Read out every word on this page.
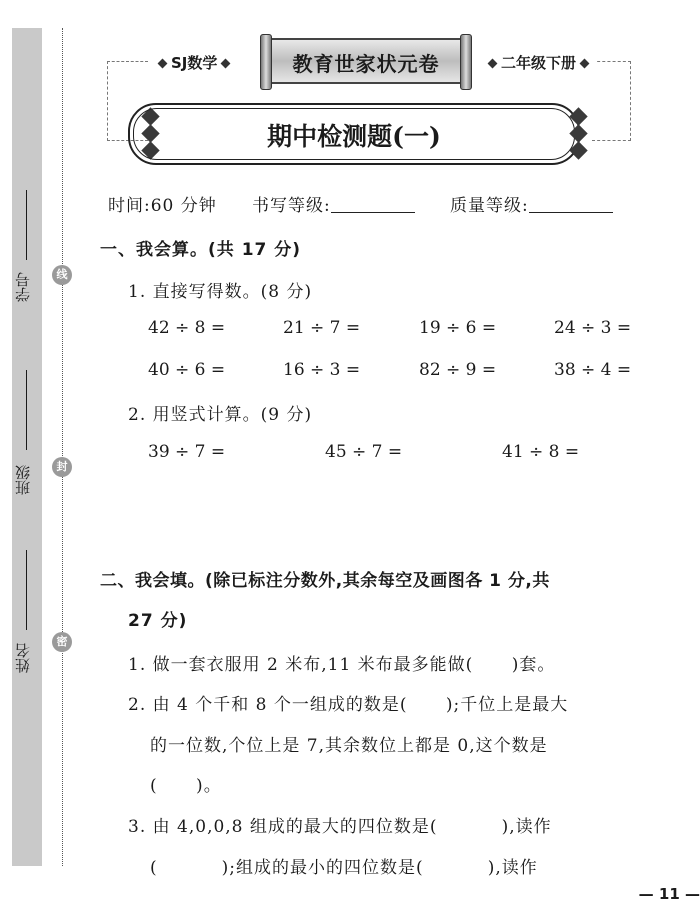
学号
班级
姓名
线
封
密
SJ数学	教育世家状元卷	二年级下册
期中检测题(一)
时间:60 分钟 书写等级:	质量等级:
一、我会算。(共 17 分)
1. 直接写得数。(8 分)
42 ÷ 8 =	21 ÷ 7 =	19 ÷ 6 =	24 ÷ 3 =
40 ÷ 6 =	16 ÷ 3 =	82 ÷ 9 =	38 ÷ 4 =
2. 用竖式计算。(9 分)
39 ÷ 7 =	45 ÷ 7 =	41 ÷ 8 =
二、我会填。(除已标注分数外,其余每空及画图各 1 分,共
27 分)
1. 做一套衣服用 2 米布,11 米布最多能做(      )套。
2. 由 4 个千和 8 个一组成的数是(      );千位上是最大
的一位数,个位上是 7,其余数位上都是 0,这个数是
(      )。
3. 由 4,0,0,8 组成的最大的四位数是(          ),读作
(          );组成的最小的四位数是(          ),读作
— 11 —
